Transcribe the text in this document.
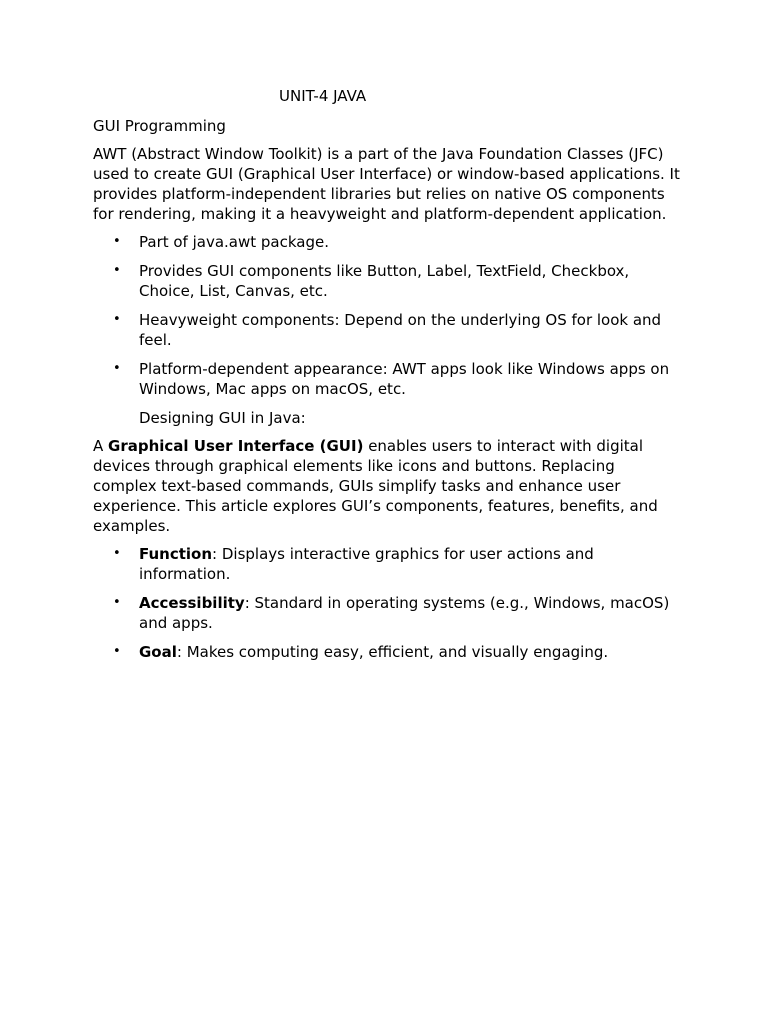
UNIT-4 JAVA
GUI Programming

AWT (Abstract Window Toolkit) is a part of the Java Foundation Classes (JFC) used to create GUI (Graphical User Interface) or window-based applications. It provides platform-independent libraries but relies on native OS components for rendering, making it a heavyweight and platform-dependent application.

• Part of java.awt package.
• Provides GUI components like Button, Label, TextField, Checkbox, Choice, List, Canvas, etc.
• Heavyweight components: Depend on the underlying OS for look and feel.
• Platform-dependent appearance: AWT apps look like Windows apps on Windows, Mac apps on macOS, etc.
Designing GUI in Java:

A Graphical User Interface (GUI) enables users to interact with digital devices through graphical elements like icons and buttons. Replacing complex text-based commands, GUIs simplify tasks and enhance user experience. This article explores GUI’s components, features, benefits, and examples.

• Function: Displays interactive graphics for user actions and information.
• Accessibility: Standard in operating systems (e.g., Windows, macOS) and apps.
• Goal: Makes computing easy, efficient, and visually engaging.
